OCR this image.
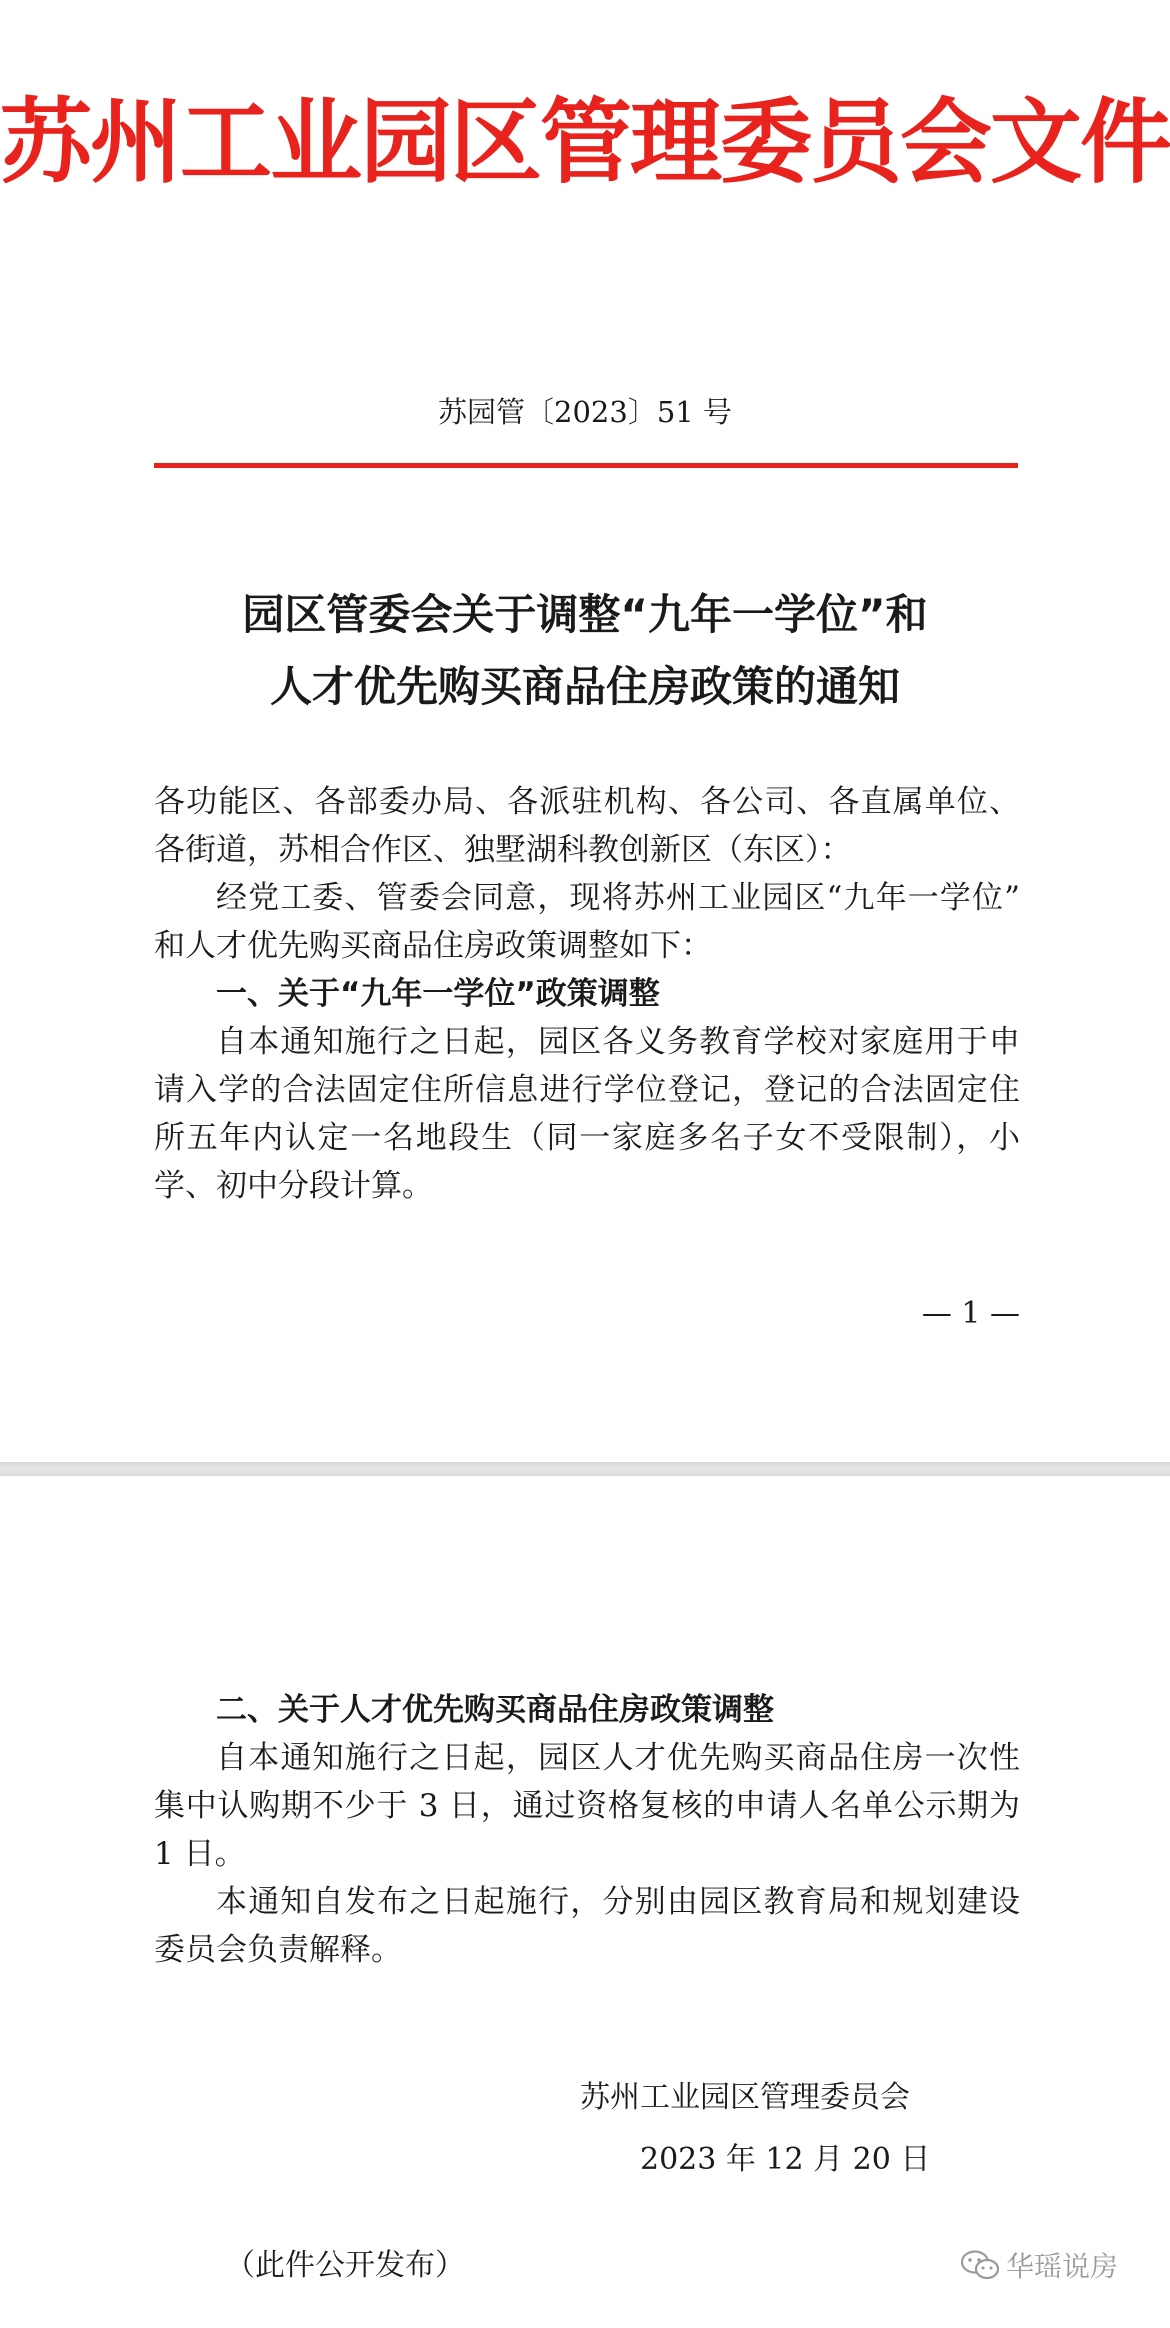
苏州工业园区管理委员会文件
苏园管〔2023〕51 号
园区管委会关于调整“九年一学位”和
人才优先购买商品住房政策的通知
各功能区、各部委办局、各派驻机构、各公司、各直属单位、
各街道，苏相合作区、独墅湖科教创新区（东区）：
经党工委、管委会同意，现将苏州工业园区“九年一学位”
和人才优先购买商品住房政策调整如下：
一、关于“九年一学位”政策调整
自本通知施行之日起，园区各义务教育学校对家庭用于申
请入学的合法固定住所信息进行学位登记，登记的合法固定住
所五年内认定一名地段生（同一家庭多名子女不受限制），小
学、初中分段计算。
— 1 —
二、关于人才优先购买商品住房政策调整
自本通知施行之日起，园区人才优先购买商品住房一次性
集中认购期不少于 3 日，通过资格复核的申请人名单公示期为
1 日。
本通知自发布之日起施行，分别由园区教育局和规划建设
委员会负责解释。
苏州工业园区管理委员会
2023 年 12 月 20 日
（此件公开发布）	华瑶说房
